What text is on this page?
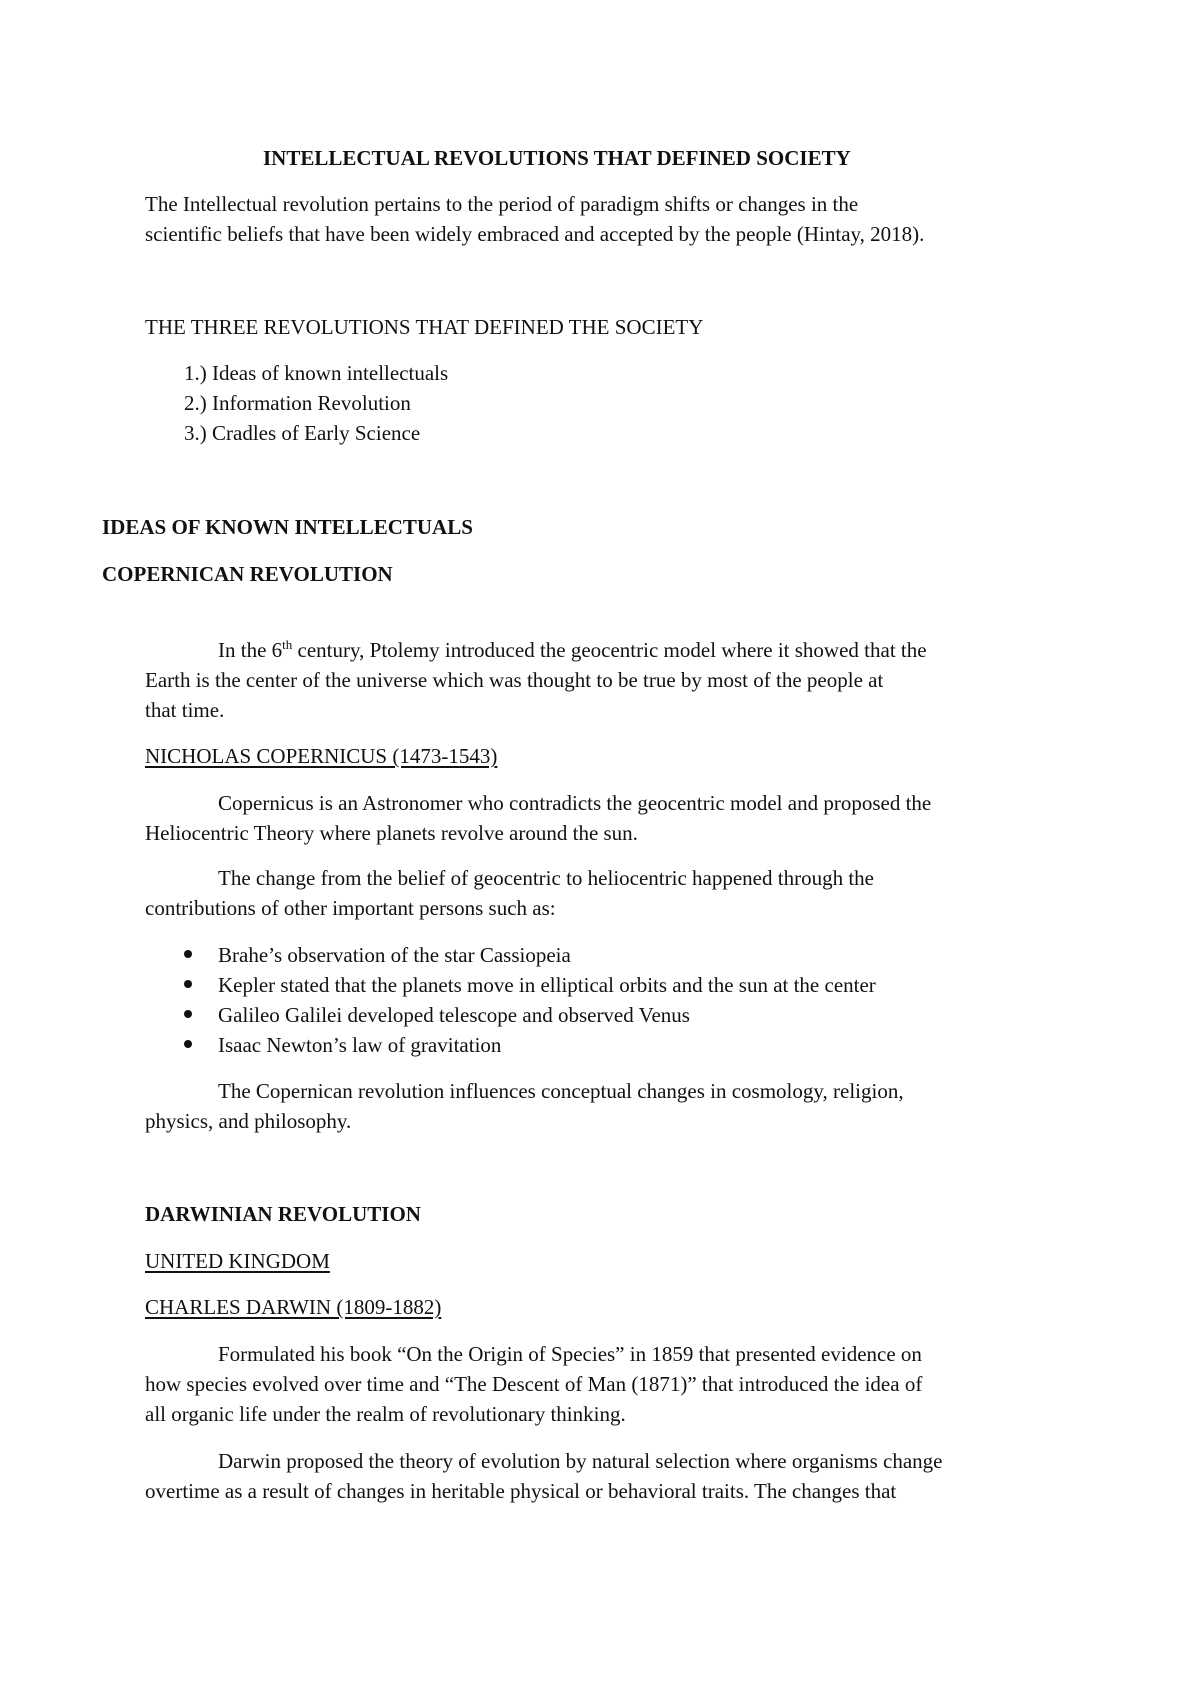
INTELLECTUAL REVOLUTIONS THAT DEFINED SOCIETY

The Intellectual revolution pertains to the period of paradigm shifts or changes in the

scientific beliefs that have been widely embraced and accepted by the people (Hintay, 2018).

THE THREE REVOLUTIONS THAT DEFINED THE SOCIETY

1.) Ideas of known intellectuals

2.) Information Revolution

3.) Cradles of Early Science

IDEAS OF KNOWN INTELLECTUALS

COPERNICAN REVOLUTION

In the 6th century, Ptolemy introduced the geocentric model where it showed that the

Earth is the center of the universe which was thought to be true by most of the people at

that time.

NICHOLAS COPERNICUS (1473-1543)

Copernicus is an Astronomer who contradicts the geocentric model and proposed the

Heliocentric Theory where planets revolve around the sun.

The change from the belief of geocentric to heliocentric happened through the

contributions of other important persons such as:

Brahe’s observation of the star Cassiopeia

Kepler stated that the planets move in elliptical orbits and the sun at the center

Galileo Galilei developed telescope and observed Venus

Isaac Newton’s law of gravitation

The Copernican revolution influences conceptual changes in cosmology, religion,

physics, and philosophy.

DARWINIAN REVOLUTION

UNITED KINGDOM

CHARLES DARWIN (1809-1882)

Formulated his book “On the Origin of Species” in 1859 that presented evidence on

how species evolved over time and “The Descent of Man (1871)” that introduced the idea of

all organic life under the realm of revolutionary thinking.

Darwin proposed the theory of evolution by natural selection where organisms change

overtime as a result of changes in heritable physical or behavioral traits. The changes that
